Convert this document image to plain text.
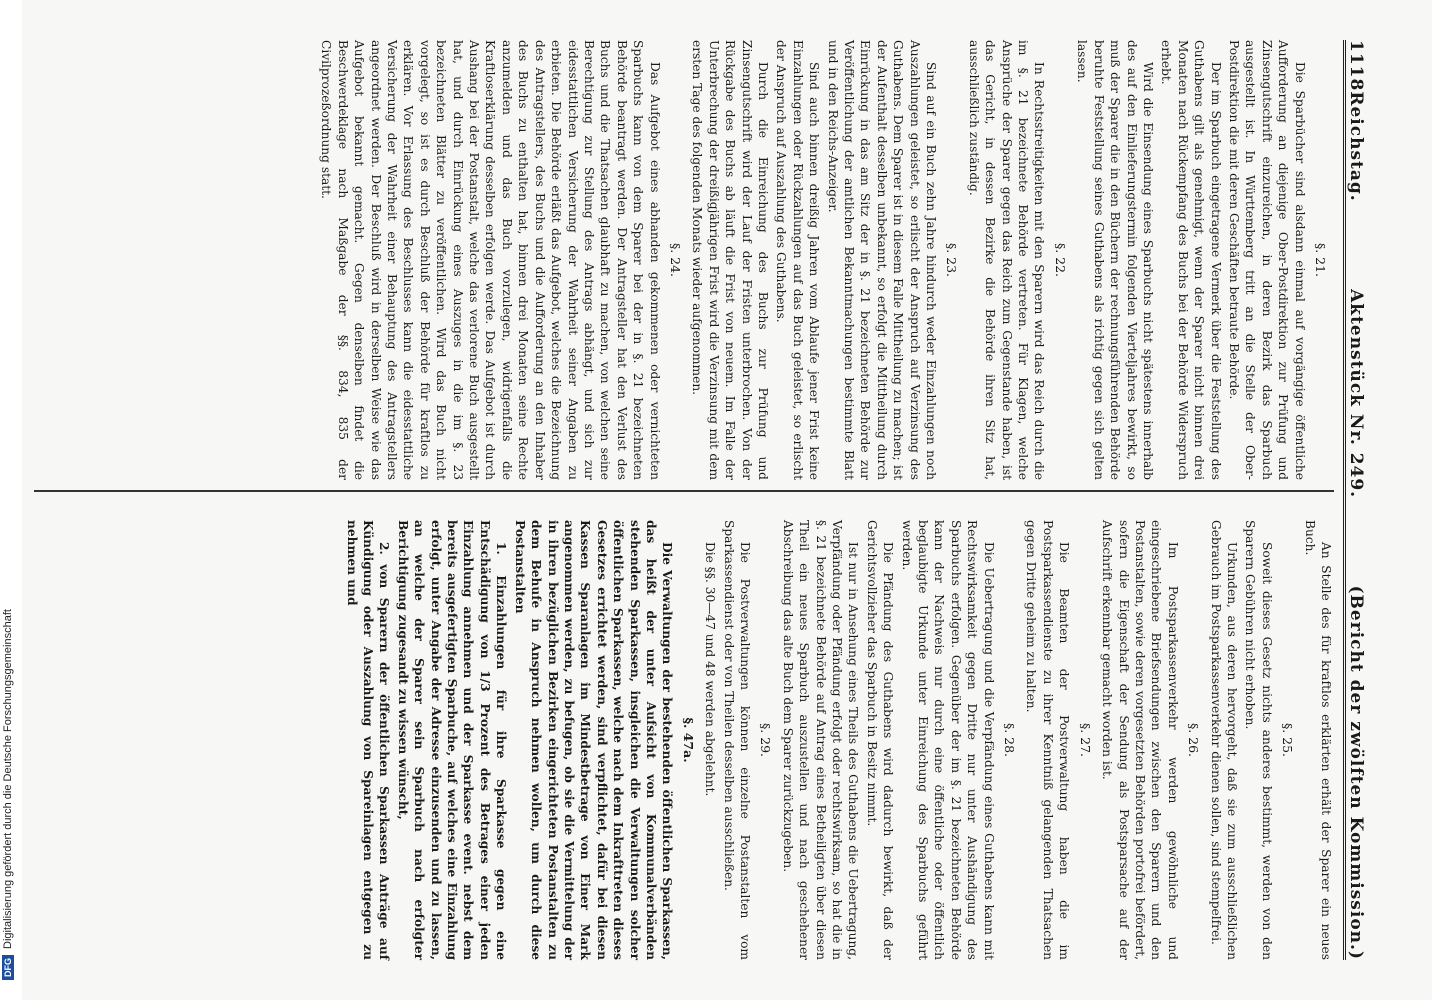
DFGDigitalisierung gefördert durch die Deutsche Forschungsgemeinschaft
1118
Reichstag.
Aktenstück Nr. 249.
(Bericht der zwölften Kommission.)
§. 21.
Die Sparbücher sind alsdann einmal auf vorgängige öffentliche Aufforderung an diejenige Ober-Postdirektion zur Prüfung und Zinsengutschrift einzureichen, in deren Bezirk das Sparbuch ausgestellt ist. In Württemberg tritt an die Stelle der Ober-Postdirektion die mit deren Geschäften betraute Behörde.
Der im Sparbuch eingetragene Vermerk über die Feststellung des Guthabens gilt als genehmigt, wenn der Sparer nicht binnen drei Monaten nach Rückempfang des Buchs bei der Behörde Widerspruch erhebt.
Wird die Einsendung eines Sparbuchs nicht spätestens innerhalb des auf den Einlieferungstermin folgenden Vierteljahres bewirkt, so muß der Sparer die in den Büchern der rechnungsführenden Behörde beruhte Feststellung seines Guthabens als richtig gegen sich gelten lassen.
§. 22.
In Rechtsstreitigkeiten mit den Sparern wird das Reich durch die im §. 21 bezeichnete Behörde vertreten. Für Klagen, welche Ansprüche der Sparer gegen das Reich zum Gegenstande haben, ist das Gericht, in dessen Bezirke die Behörde ihren Sitz hat, ausschließlich zuständig.
§. 23.
Sind auf ein Buch zehn Jahre hindurch weder Einzahlungen noch Auszahlungen geleistet, so erlischt der Anspruch auf Verzinsung des Guthabens. Dem Sparer ist in diesem Falle Mittheilung zu machen; ist der Aufenthalt desselben unbekannt, so erfolgt die Mittheilung durch Einrückung in das am Sitz der in §. 21 bezeichneten Behörde zur Veröffentlichung der amtlichen Bekanntmachungen bestimmte Blatt und in den Reichs-Anzeiger.
Sind auch binnen dreißig Jahren vom Ablaufe jener Frist keine Einzahlungen oder Rückzahlungen auf das Buch geleistet, so erlischt der Anspruch auf Auszahlung des Guthabens.
Durch die Einreichung des Buchs zur Prüfung und Zinsengutschrift wird der Lauf der Fristen unterbrochen. Von der Rückgabe des Buchs ab läuft die Frist von neuem. Im Falle der Unterbrechung der dreißigjährigen Frist wird die Verzinsung mit dem ersten Tage des folgenden Monats wieder aufgenommen.
§. 24.
Das Aufgebot eines abhanden gekommenen oder vernichteten Sparbuchs kann von dem Sparer bei der in §. 21 bezeichneten Behörde beantragt werden. Der Antragsteller hat den Verlust des Buchs und die Thatsachen glaubhaft zu machen, von welchen seine Berechtigung zur Stellung des Antrags abhängt, und sich zur eidesstattlichen Versicherung der Wahrheit seiner Angaben zu erbieten. Die Behörde erläßt das Aufgebot, welches die Bezeichnung des Antragstellers, des Buchs und die Aufforderung an den Inhaber des Buchs zu enthalten hat, binnen drei Monaten seine Rechte anzumelden und das Buch vorzulegen, widrigenfalls die Kraftloserklärung desselben erfolgen werde. Das Aufgebot ist durch Aushang bei der Postanstalt, welche das verlorene Buch ausgestellt hat, und durch Einrückung eines Auszuges in die im §. 23 bezeichneten Blätter zu veröffentlichen. Wird das Buch nicht vorgelegt, so ist es durch Beschluß der Behörde für kraftlos zu erklären. Vor Erlassung des Beschlusses kann die eidesstattliche Versicherung der Wahrheit einer Behauptung des Antragstellers angeordnet werden. Der Beschluß wird in derselben Weise wie das Aufgebot bekannt gemacht. Gegen denselben findet die Beschwerdeklage nach Maßgabe der §§. 834, 835 der Civilprozeßordnung statt.
An Stelle des für kraftlos erklärten erhält der Sparer ein neues Buch.
§. 25.
Soweit dieses Gesetz nichts anderes bestimmt, werden von den Sparern Gebühren nicht erhoben.
Urkunden, aus deren hervorgeht, daß sie zum ausschließlichen Gebrauch im Postsparkassenverkehr dienen sollen, sind stempelfrei.
§. 26.
Im Postsparkassenverkehr werden gewöhnliche und eingeschriebene Briefsendungen zwischen den Sparern und den Postanstalten, sowie deren vorgesetzten Behörden portofrei befördert, sofern die Eigenschaft der Sendung als Postsparsache auf der Aufschrift erkennbar gemacht worden ist.
§. 27.
Die Beamten der Postverwaltung haben die im Postsparkassendienste zu ihrer Kenntniß gelangenden Thatsachen gegen Dritte geheim zu halten.
§. 28.
Die Uebertragung und die Verpfändung eines Guthabens kann mit Rechtswirksamkeit gegen Dritte nur unter Aushändigung des Sparbuchs erfolgen. Gegenüber der im §. 21 bezeichneten Behörde kann der Nachweis nur durch eine öffentliche oder öffentlich beglaubigte Urkunde unter Einreichung des Sparbuchs geführt werden.
Die Pfändung des Guthabens wird dadurch bewirkt, daß der Gerichtsvollzieher das Sparbuch in Besitz nimmt.
Ist nur in Ansehung eines Theils des Guthabens die Uebertragung, Verpfändung oder Pfändung erfolgt oder rechtswirksam, so hat die in §. 21 bezeichnete Behörde auf Antrag eines Betheiligten über diesen Theil ein neues Sparbuch auszustellen und nach geschehener Abschreibung das alte Buch dem Sparer zurückzugeben.
§. 29.
Die Postverwaltungen können einzelne Postanstalten vom Sparkassendienst oder von Theilen desselben ausschließen.
Die §§. 30—47 und 48 werden abgelehnt.
§. 47a.
Die Verwaltungen der bestehenden öffentlichen Sparkassen, das heißt der unter Aufsicht von Kommunalverbänden stehenden Sparkassen, insgleichen die Verwaltungen solcher öffentlichen Sparkassen, welche nach dem Inkrafttreten dieses Gesetzes errichtet werden, sind verpflichtet, dafür bei diesen Kassen Sparanlagen im Mindestbetrage von Einer Mark angenommen werden, zu befugen, ob sie die Vermittelung der in ihren bezüglichen Bezirken eingerichteten Postanstalten zu dem Behufe in Anspruch nehmen wollen, um durch diese Postanstalten
1. Einzahlungen für ihre Sparkasse gegen eine Entschädigung von 1/3 Prozent des Betrages einer jeden Einzahlung annehmen und der Sparkasse event. nebst dem bereits ausgefertigten Sparbuche, auf welches eine Einzahlung erfolgt, unter Angabe der Adresse einzusenden und zu lassen, an welche der Sparer sein Sparbuch nach erfolgter Berichtigung zugesandt zu wissen wünscht,
2. von Sparern der öffentlichen Sparkassen Anträge auf Kündigung oder Auszahlung von Spareinlagen entgegen zu nehmen und
